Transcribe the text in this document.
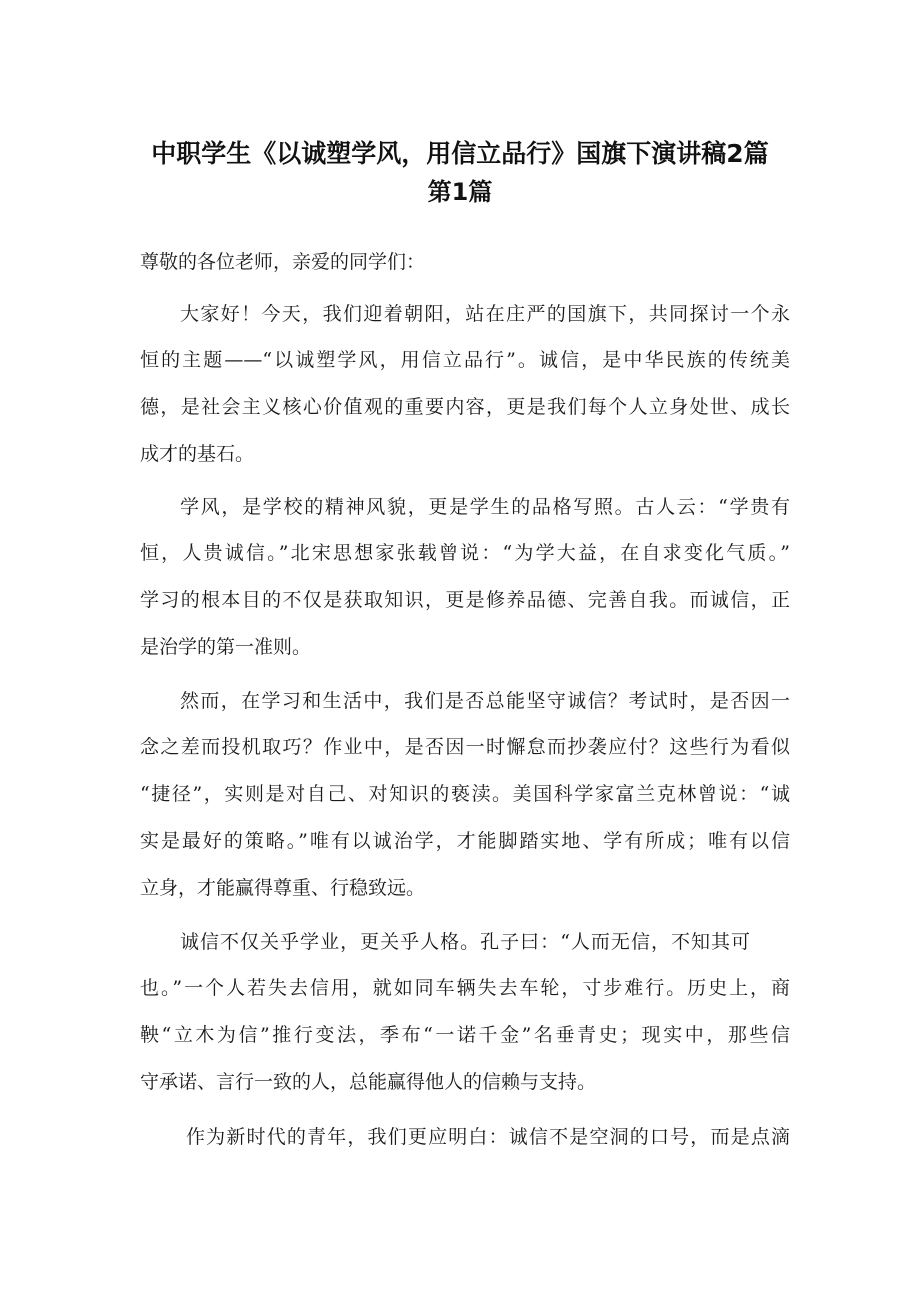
中职学生《以诚塑学风，用信立品行》国旗下演讲稿2篇
第1篇

尊敬的各位老师，亲爱的同学们：

大家好！今天，我们迎着朝阳，站在庄严的国旗下，共同探讨一个永
恒的主题——“以诚塑学风，用信立品行”。诚信，是中华民族的传统美
德，是社会主义核心价值观的重要内容，更是我们每个人立身处世、成长
成才的基石。
学风，是学校的精神风貌，更是学生的品格写照。古人云：“学贵有
恒，人贵诚信。”北宋思想家张载曾说：“为学大益，在自求变化气质。”
学习的根本目的不仅是获取知识，更是修养品德、完善自我。而诚信，正
是治学的第一准则。
然而，在学习和生活中，我们是否总能坚守诚信？考试时，是否因一
念之差而投机取巧？作业中，是否因一时懈怠而抄袭应付？这些行为看似
“捷径”，实则是对自己、对知识的亵渎。美国科学家富兰克林曾说：“诚
实是最好的策略。”唯有以诚治学，才能脚踏实地、学有所成；唯有以信
立身，才能赢得尊重、行稳致远。
诚信不仅关乎学业，更关乎人格。孔子曰：“人而无信，不知其可
也。”一个人若失去信用，就如同车辆失去车轮，寸步难行。历史上，商
鞅“立木为信”推行变法，季布“一诺千金”名垂青史；现实中，那些信
守承诺、言行一致的人，总能赢得他人的信赖与支持。
作为新时代的青年，我们更应明白：诚信不是空洞的口号，而是点滴
